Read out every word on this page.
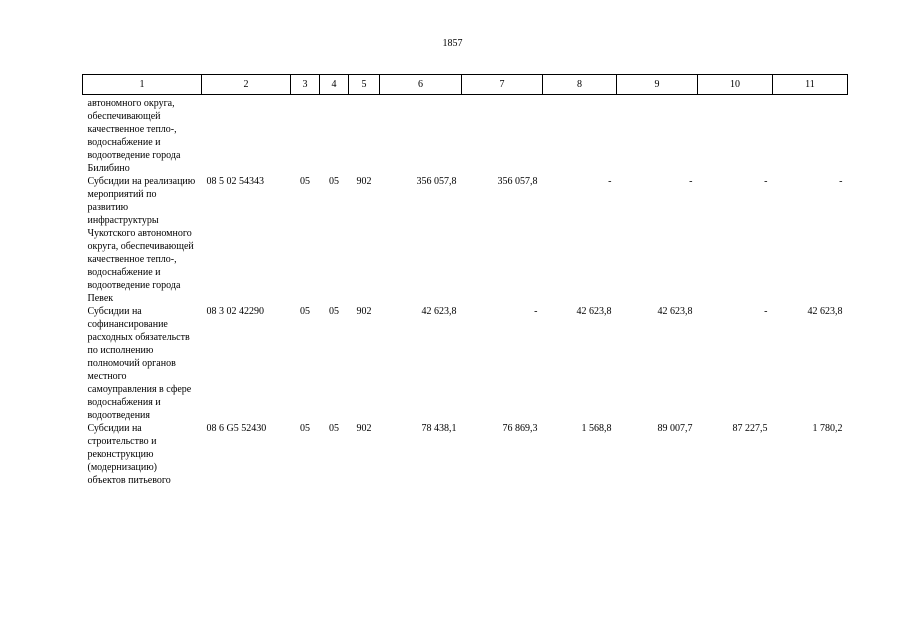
1857
1	2	3	4	5	6	7	8	9	10	11
автономного округа, обеспечивающей качественное тепло-, водоснабжение и водоотведение города Билибино										
Субсидии на реализацию мероприятий по развитию инфраструктуры Чукотского автономного округа, обеспечивающей качественное тепло-, водоснабжение и водоотведение города Певек	08 5 02 54343	05	05	902	356 057,8	356 057,8	-	-	-	-
Субсидии на софинансирование расходных обязательств по исполнению полномочий органов местного самоуправления в сфере водоснабжения и водоотведения	08 3 02 42290	05	05	902	42 623,8	-	42 623,8	42 623,8	-	42 623,8
Субсидии на строительство и реконструкцию (модернизацию) объектов питьевого	08 6 G5 52430	05	05	902	78 438,1	76 869,3	1 568,8	89 007,7	87 227,5	1 780,2
